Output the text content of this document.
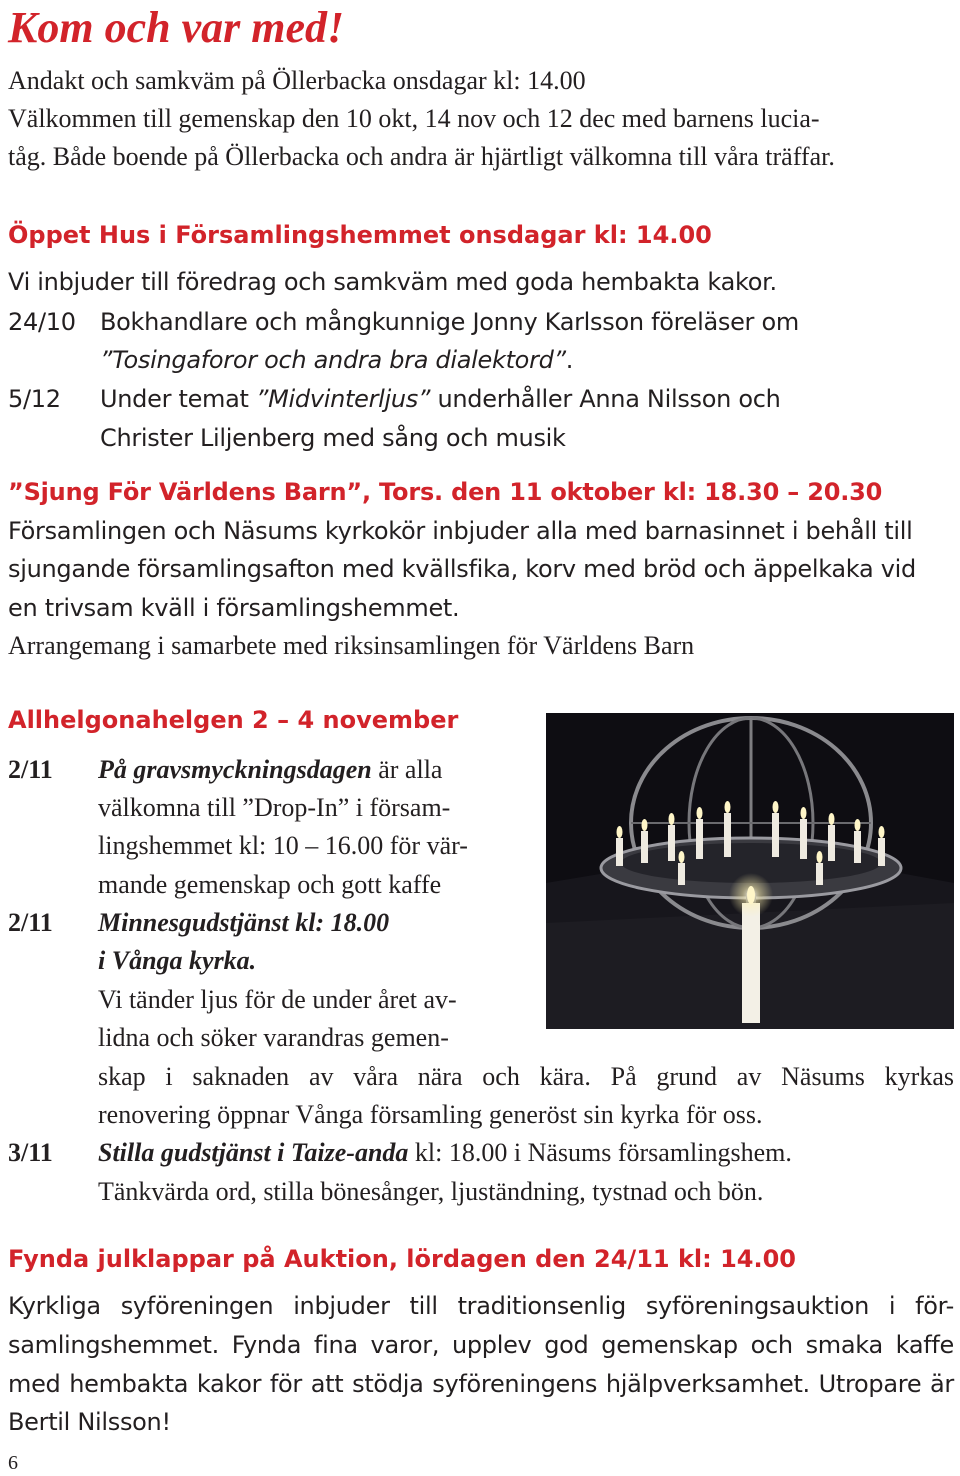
Kom och var med!
Andakt och samkväm på Öllerbacka onsdagar kl: 14.00
Välkommen till gemenskap den 10 okt, 14 nov och 12 dec med barnens lucia-
tåg. Både boende på Öllerbacka och andra är hjärtligt välkomna till våra träffar.
Öppet Hus i Församlingshemmet onsdagar kl: 14.00
Vi inbjuder till föredrag och samkväm med goda hembakta kakor.
24/10 Bokhandlare och mångkunnige Jonny Karlsson föreläser om
”Tosingaforor och andra bra dialektord”.
5/12 Under temat ”Midvinterljus” underhåller Anna Nilsson och
Christer Liljenberg med sång och musik
”Sjung För Världens Barn”, Tors. den 11 oktober kl: 18.30 – 20.30
Församlingen och Näsums kyrkokör inbjuder alla med barnasinnet i behåll till
sjungande församlingsafton med kvällsfika, korv med bröd och äppelkaka vid
en trivsam kväll i församlingshemmet.
Arrangemang i samarbete med riksinsamlingen för Världens Barn
Allhelgonahelgen 2 – 4 november
2/11 På gravsmyckningsdagen är alla
välkomna till ”Drop-In” i försam-
lingshemmet kl: 10 – 16.00 för vär-
mande gemenskap och gott kaffe
2/11 Minnesgudstjänst kl: 18.00
i Vånga kyrka.
Vi tänder ljus för de under året av-
lidna och söker varandras gemen-
skap i saknaden av våra nära och kära. På grund av Näsums kyrkas
renovering öppnar Vånga församling generöst sin kyrka för oss.
3/11 Stilla gudstjänst i Taize-anda kl: 18.00 i Näsums församlingshem.
Tänkvärda ord, stilla bönesånger, ljuständning, tystnad och bön.
Fynda julklappar på Auktion, lördagen den 24/11 kl: 14.00
Kyrkliga syföreningen inbjuder till traditionsenlig syföreningsauktion i för-
samlingshemmet. Fynda fina varor, upplev god gemenskap och smaka kaffe
med hembakta kakor för att stödja syföreningens hjälpverksamhet. Utropare är
Bertil Nilsson!
6
